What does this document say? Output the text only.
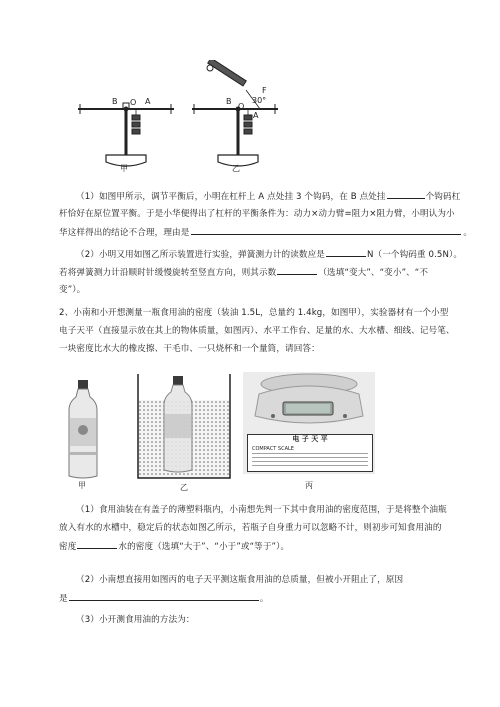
B O A	B
O
30°
F
A
甲	乙
（1）如图甲所示，调节平衡后，小明在杠杆上 A 点处挂 3 个钩码，在 B 点处挂	个钩码杠
杆恰好在原位置平衡。于是小华便得出了杠杆的平衡条件为：动力×动力臂=阻力×阻力臂，小明认为小
华这样得出的结论不合理，理由是	。
（2）小明又用如图乙所示装置进行实验，弹簧测力计的读数应是	N（一个钩码重 0.5N）。
若将弹簧测力计沿顺时针缓慢旋转至竖直方向，则其示数	（选填“变大”、“变小”、“不
变”）。
2、小南和小开想测量一瓶食用油的密度（装油 1.5L，总量约 1.4kg，如图甲），实验器材有一个小型
电子天平（直接显示放在其上的物体质量，如图丙）、水平工作台、足量的水、大水槽、细线、记号笔、
一块密度比水大的橡皮擦、干毛巾、一只烧杯和一个量筒，请回答：
甲	乙
电 子 天 平
COMPACT SCALE
丙
（1）食用油装在有盖子的薄塑料瓶内，小南想先判一下其中食用油的密度范围，于是将整个油瓶
放入有水的水槽中，稳定后的状态如图乙所示，若瓶子自身重力可以忽略不计，则初步可知食用油的
密度	水的密度（选填“大于”、“小于”或“等于”）。
（2）小南想直接用如图丙的电子天平测这瓶食用油的总质量，但被小开阻止了，原因
是	。
（3）小开测食用油的方法为：
